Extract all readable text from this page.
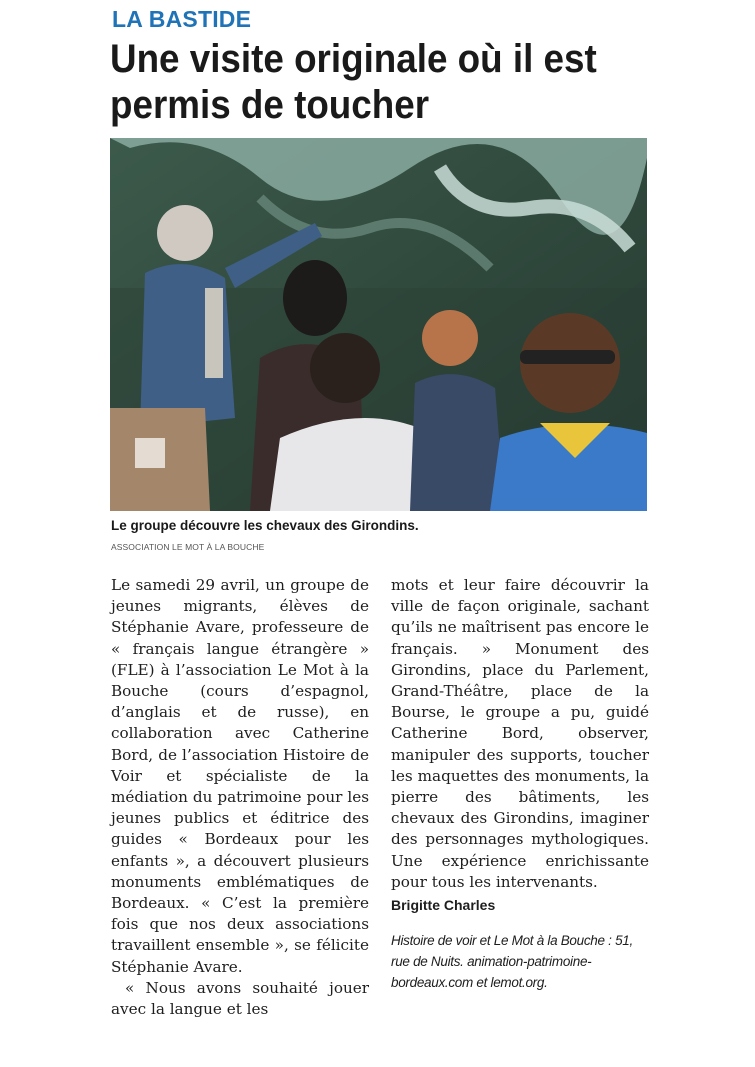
LA BASTIDE
Une visite originale où il est permis de toucher
Le groupe découvre les chevaux des Girondins.
ASSOCIATION LE MOT À LA BOUCHE

Le samedi 29 avril, un groupe de jeunes migrants, élèves de Stéphanie Avare, professeure de « français langue étrangère » (FLE) à l’association Le Mot à la Bouche (cours d’espagnol, d’anglais et de russe), en collaboration avec Catherine Bord, de l’association Histoire de Voir et spécialiste de la médiation du patrimoine pour les jeunes publics et éditrice des guides « Bordeaux pour les enfants », a découvert plusieurs monuments emblématiques de Bordeaux. « C’est la première fois que nos deux associations travaillent ensemble », se félicite Stéphanie Avare.

« Nous avons souhaité jouer avec la langue et les

mots et leur faire découvrir la ville de façon originale, sachant qu’ils ne maîtrisent pas encore le français. » Monument des Girondins, place du Parlement, Grand-Théâtre, place de la Bourse, le groupe a pu, guidé Catherine Bord, observer, manipuler des supports, toucher les maquettes des monuments, la pierre des bâtiments, les chevaux des Girondins, imaginer des personnages mythologiques. Une expérience enrichissante pour tous les intervenants.

Brigitte Charles

Histoire de voir et Le Mot à la Bouche : 51, rue de Nuits. animation-patrimoine-bordeaux.com et lemot.org.
